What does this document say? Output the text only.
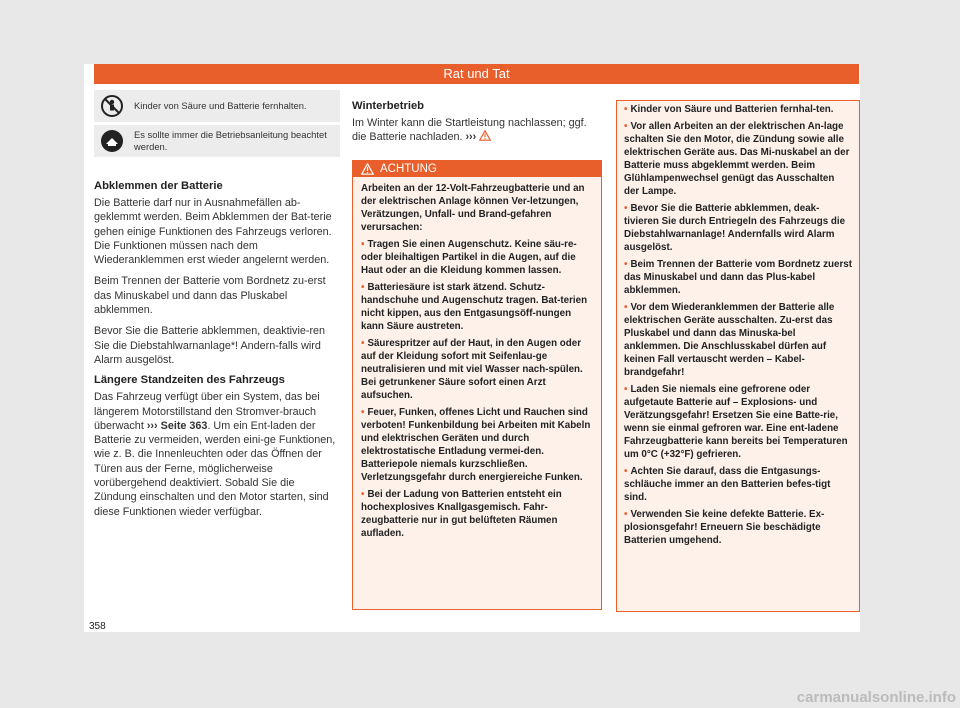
Rat und Tat
Kinder von Säure und Batterie fernhalten.
Es sollte immer die Betriebsanleitung beachtet werden.
Abklemmen der Batterie

Die Batterie darf nur in Ausnahmefällen ab-geklemmt werden. Beim Abklemmen der Bat-terie gehen einige Funktionen des Fahrzeugs verloren. Die Funktionen müssen nach dem Wiederanklemmen erst wieder angelernt werden.

Beim Trennen der Batterie vom Bordnetz zu-erst das Minuskabel und dann das Pluskabel abklemmen.

Bevor Sie die Batterie abklemmen, deaktivie-ren Sie die Diebstahlwarnanlage*! Andern-falls wird Alarm ausgelöst.

Längere Standzeiten des Fahrzeugs

Das Fahrzeug verfügt über ein System, das bei längerem Motorstillstand den Stromver-brauch überwacht ››› Seite 363. Um ein Ent-laden der Batterie zu vermeiden, werden eini-ge Funktionen, wie z. B. die Innenleuchten oder das Öffnen der Türen aus der Ferne, möglicherweise vorübergehend deaktiviert. Sobald Sie die Zündung einschalten und den Motor starten, sind diese Funktionen wieder verfügbar.

Winterbetrieb

Im Winter kann die Startleistung nachlassen; ggf. die Batterie nachladen. ›››

ACHTUNG

Arbeiten an der 12-Volt-Fahrzeugbatterie und an der elektrischen Anlage können Ver-letzungen, Verätzungen, Unfall- und Brand-gefahren verursachen:

• Tragen Sie einen Augenschutz. Keine säu-re- oder bleihaltigen Partikel in die Augen, auf die Haut oder an die Kleidung kommen lassen.

• Batteriesäure ist stark ätzend. Schutz-handschuhe und Augenschutz tragen. Bat-terien nicht kippen, aus den Entgasungsöff-nungen kann Säure austreten.

• Säurespritzer auf der Haut, in den Augen oder auf der Kleidung sofort mit Seifenlau-ge neutralisieren und mit viel Wasser nach-spülen. Bei getrunkener Säure sofort einen Arzt aufsuchen.

• Feuer, Funken, offenes Licht und Rauchen sind verboten! Funkenbildung bei Arbeiten mit Kabeln und elektrischen Geräten und durch elektrostatische Entladung vermei-den. Batteriepole niemals kurzschließen. Verletzungsgefahr durch energiereiche Funken.

• Bei der Ladung von Batterien entsteht ein hochexplosives Knallgasgemisch. Fahr-zeugbatterie nur in gut belüfteten Räumen aufladen.

• Kinder von Säure und Batterien fernhal-ten.

• Vor allen Arbeiten an der elektrischen An-lage schalten Sie den Motor, die Zündung sowie alle elektrischen Geräte aus. Das Mi-nuskabel an der Batterie muss abgeklemmt werden. Beim Glühlampenwechsel genügt das Ausschalten der Lampe.

• Bevor Sie die Batterie abklemmen, deak-tivieren Sie durch Entriegeln des Fahrzeugs die Diebstahlwarnanlage! Andernfalls wird Alarm ausgelöst.

• Beim Trennen der Batterie vom Bordnetz zuerst das Minuskabel und dann das Plus-kabel abklemmen.

• Vor dem Wiederanklemmen der Batterie alle elektrischen Geräte ausschalten. Zu-erst das Pluskabel und dann das Minuska-bel anklemmen. Die Anschlusskabel dürfen auf keinen Fall vertauscht werden – Kabel-brandgefahr!

• Laden Sie niemals eine gefrorene oder aufgetaute Batterie auf – Explosions- und Verätzungsgefahr! Ersetzen Sie eine Batte-rie, wenn sie einmal gefroren war. Eine ent-ladene Fahrzeugbatterie kann bereits bei Temperaturen um 0°C (+32°F) gefrieren.

• Achten Sie darauf, dass die Entgasungs-schläuche immer an den Batterien befes-tigt sind.

• Verwenden Sie keine defekte Batterie. Ex-plosionsgefahr! Erneuern Sie beschädigte Batterien umgehend.

358
carmanualsonline.info
